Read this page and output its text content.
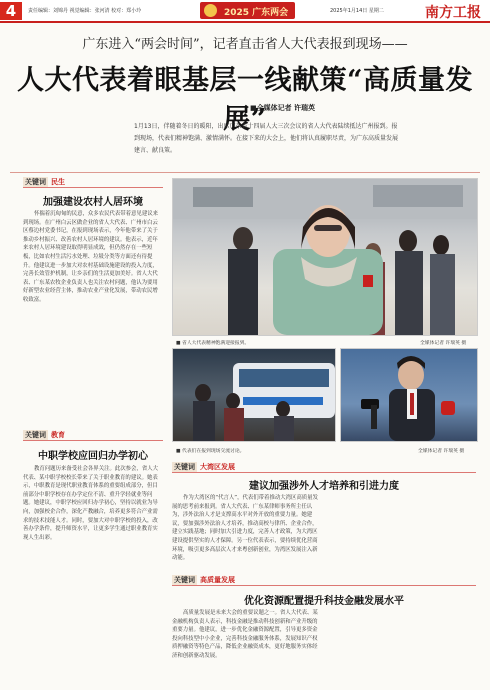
4	责任编辑：刘锦丹 视觉编辑：张河清 校对：郑小玲	2025 广东两会	2025年1月14日 星期二	南方工报
广东进入“两会时间”，记者直击省人大代表报到现场——
人大代表着眼基层一线献策“高质量发展”
■全媒体记者 许瑞英

1月13日，伴随着冬日的暖阳，出席广东省十四届人大三次会议的省人大代表陆续抵达广州报到。报到现场，代表们精神饱满、激情满怀。在接下来的大会上，他们将认真履职尽责，为广东高质量发展建言、献良策。

关键词 民生
加强建设农村人居环境

怀揣着沉甸甸的民意，众多农民代表带着意见建议来到现场。在广州白云区做企业的省人大代表、广州市白云区蔡边村党委书记，在报到现场表示，今年他带来了关于推动乡村振兴、改善农村人居环境的建议。他表示，近年来农村人居环境建设取得明显成效，但仍然存在一些短板，比如农村生活污水处理、垃圾分类等方面还有待提升。他建议进一步加大对农村基础设施建设的投入力度，完善长效管护机制，让乡亲们的生活更加美好。省人大代表、广东某农牧企业负责人也关注农村问题，他认为要用好新型农业经营主体，推动农业产业化发展，带动农民增收致富。

关键词 教育
中职学校应回归办学初心

教育问题历来备受社会各界关注。此次参会，省人大代表、某中职学校校长带来了关于职业教育的建议。她表示，中职教育是现代职业教育体系的重要组成部分，但目前部分中职学校存在办学定位不清、重升学轻就业等问题。她建议，中职学校应回归办学初心，坚持以就业为导向，加强校企合作，深化产教融合，培养更多符合产业需求的技术技能人才。同时，要加大对中职学校的投入，改善办学条件，提升师资水平，让更多学生通过职业教育实现人生出彩。

■ 省人大代表精神饱满迎接报到。	全媒体记者 许瑞英 摄
■ 代表们在报到现场交流讨论。	全媒体记者 许瑞英 摄
关键词 大湾区发展
建议加强涉外人才培养和引进力度

作为大湾区的“代言人”，代表们带着推动大湾区高质量发展的思考前来报到。省人大代表、广东某律师事务所主任认为，涉外法治人才是支撑高水平对外开放的重要力量。她建议，要加强涉外法治人才培养，推动高校与律所、企业合作，建立实践基地；同时加大引进力度，完善人才政策，为大湾区建设提供坚实的人才保障。另一位代表表示，要持续优化营商环境，吸引更多高层次人才来粤创新创业，为湾区发展注入新动能。

关键词 高质量发展
优化资源配置提升科技金融发展水平

高质量发展是未来大会的重要议题之一。省人大代表、某金融机构负责人表示，科技金融是推动科技创新和产业升级的重要力量。他建议，进一步优化金融资源配置，引导更多资金投向科技型中小企业，完善科技金融服务体系，发展知识产权质押融资等特色产品，降低企业融资成本，更好地服务实体经济和创新驱动发展。
